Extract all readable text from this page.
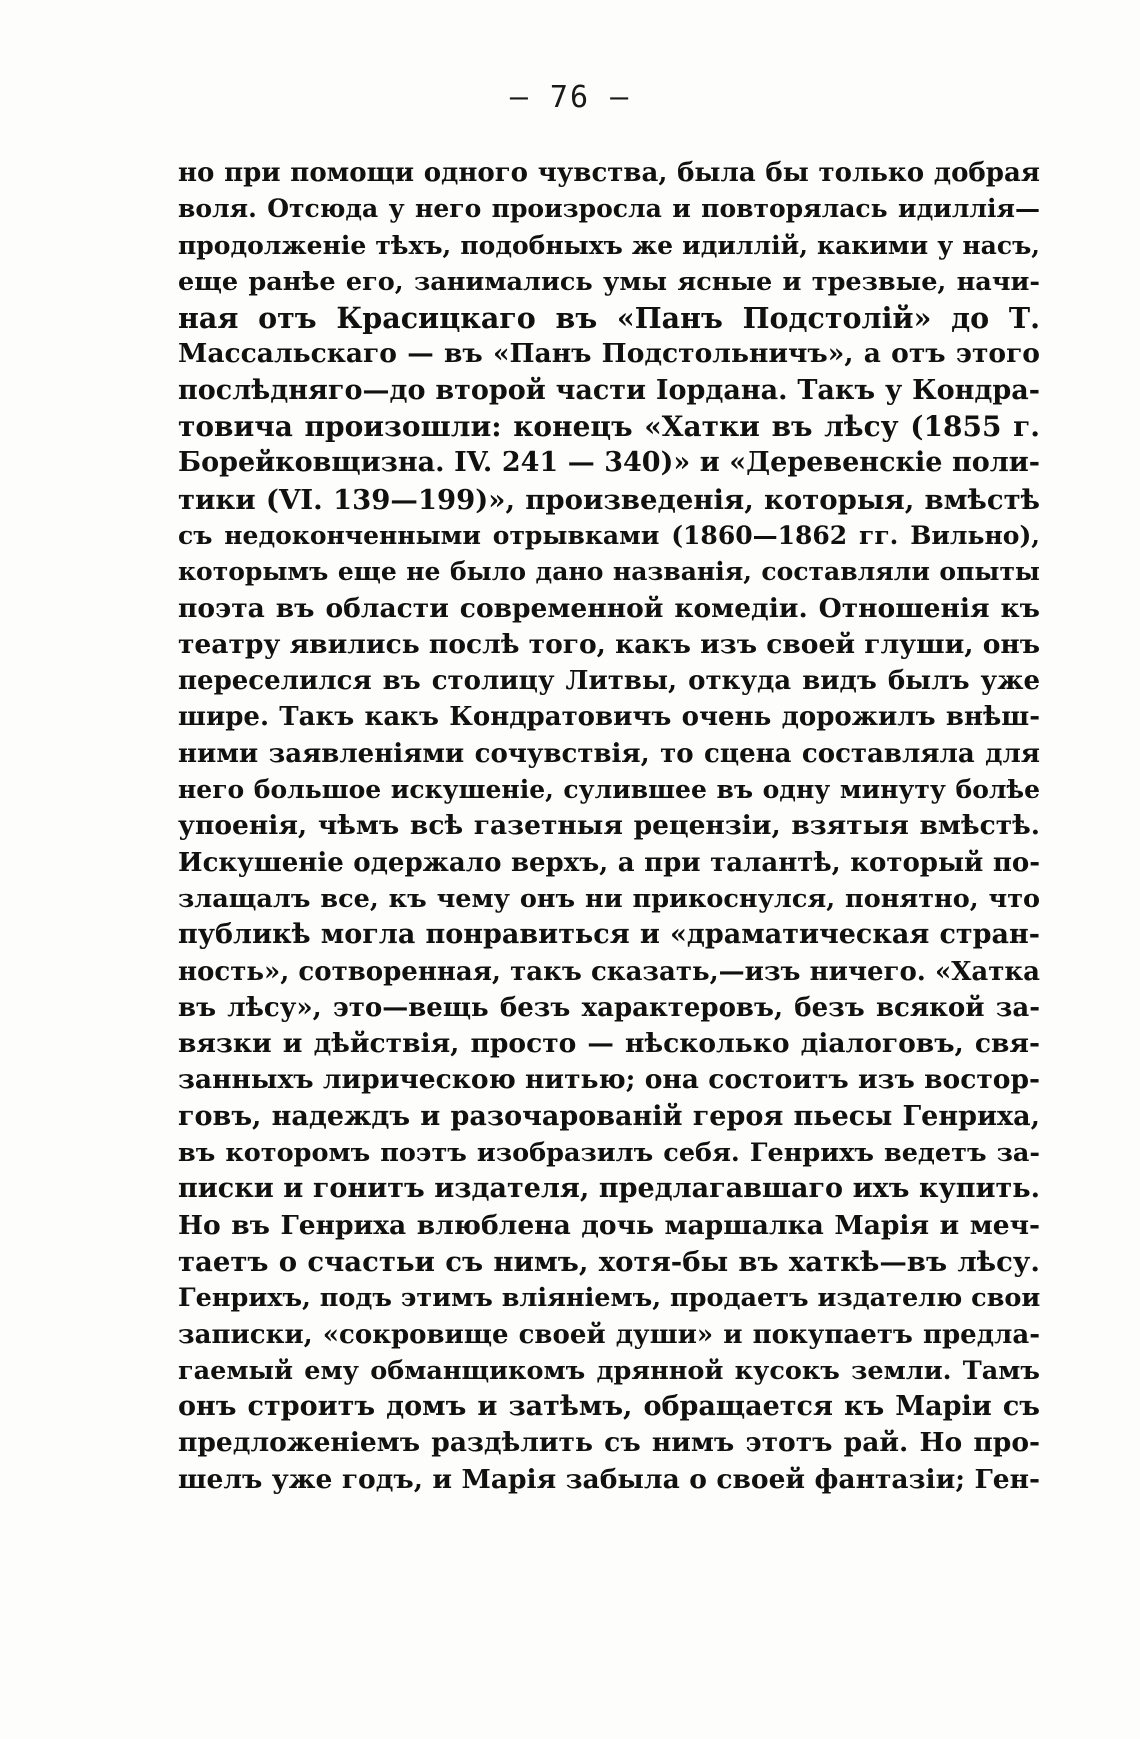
— 76 —
но при помощи одного чувства, была бы только добрая
воля. Отсюда у него произросла и повторялась идиллія—
продолженіе тѣхъ, подобныхъ же идиллій, какими у насъ,
еще ранѣе его, занимались умы ясные и трезвые, начи-
ная отъ Красицкаго въ «Панъ Подстолій» до Т.
Массальскаго — въ «Панъ Подстольничъ», а отъ этого
послѣдняго—до второй части Іордана. Такъ у Кондра-
товича произошли: конецъ «Хатки въ лѣсу (1855 г.
Борейковщизна. IV. 241 — 340)» и «Деревенскіе поли-
тики (VI. 139—199)», произведенія, которыя, вмѣстѣ
съ недоконченными отрывками (1860—1862 гг. Вильно),
которымъ еще не было дано названія, составляли опыты
поэта въ области современной комедіи. Отношенія къ
театру явились послѣ того, какъ изъ своей глуши, онъ
переселился въ столицу Литвы, откуда видъ былъ уже
шире. Такъ какъ Кондратовичъ очень дорожилъ внѣш-
ними заявленіями сочувствія, то сцена составляла для
него большое искушеніе, сулившее въ одну минуту болѣе
упоенія, чѣмъ всѣ газетныя рецензіи, взятыя вмѣстѣ.
Искушеніе одержало верхъ, а при талантѣ, который по-
злащалъ все, къ чему онъ ни прикоснулся, понятно, что
публикѣ могла понравиться и «драматическая стран-
ность», сотворенная, такъ сказать,—изъ ничего. «Хатка
въ лѣсу», это—вещь безъ характеровъ, безъ всякой за-
вязки и дѣйствія, просто — нѣсколько діалоговъ, свя-
занныхъ лирическою нитью; она состоитъ изъ востор-
говъ, надеждъ и разочарованій героя пьесы Генриха,
въ которомъ поэтъ изобразилъ себя. Генрихъ ведетъ за-
писки и гонитъ издателя, предлагавшаго ихъ купить.
Но въ Генриха влюблена дочь маршалка Марія и меч-
таетъ о счастьи съ нимъ, хотя-бы въ хаткѣ—въ лѣсу.
Генрихъ, подъ этимъ вліяніемъ, продаетъ издателю свои
записки, «сокровище своей души» и покупаетъ предла-
гаемый ему обманщикомъ дрянной кусокъ земли. Тамъ
онъ строитъ домъ и затѣмъ, обращается къ Маріи съ
предложеніемъ раздѣлить съ нимъ этотъ рай. Но про-
шелъ уже годъ, и Марія забыла о своей фантазіи; Ген-
